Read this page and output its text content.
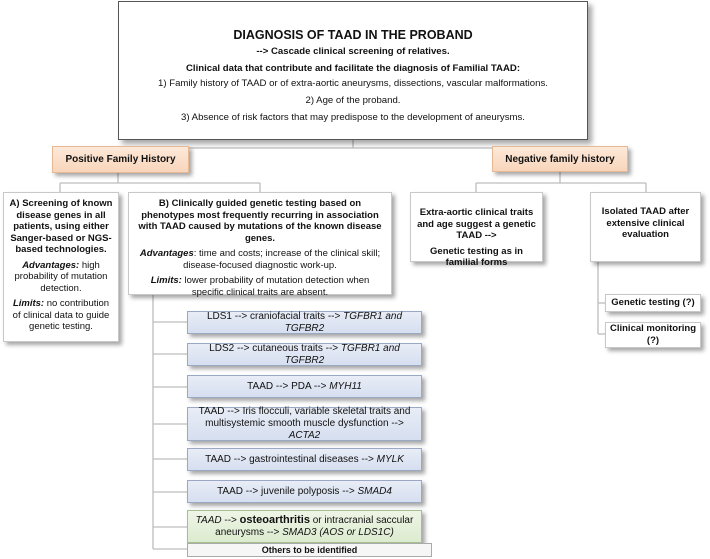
DIAGNOSIS OF TAAD IN THE PROBAND
--> Cascade clinical screening of relatives.
Clinical data that contribute and facilitate the diagnosis of Familial TAAD:
1) Family history of TAAD or of extra-aortic aneurysms, dissections, vascular malformations.
2) Age of the proband.
3) Absence of risk factors that may predispose to the development of aneurysms.
Positive Family History	Negative family history

A) Screening of known disease genes in all patients, using either Sanger-based or NGS-based technologies.

Advantages: high probability of mutation detection.

Limits: no contribution of clinical data to guide genetic testing.

B) Clinically guided genetic testing based on phenotypes most frequently recurring in association with TAAD caused by mutations of the known disease genes.

Advantages: time and costs; increase of the clinical skill; disease-focused diagnostic work-up.

Limits: lower probability of mutation detection when specific clinical traits are absent.

Extra-aortic clinical traits and age suggest a genetic TAAD -->

Genetic testing as in familial forms

Isolated TAAD after extensive clinical evaluation

Genetic testing (?)
Clinical monitoring (?)
LDS1 --> craniofacial traits --> TGFBR1 and TGFBR2
LDS2 --> cutaneous traits --> TGFBR1 and TGFBR2
TAAD --> PDA --> MYH11
TAAD --> Iris flocculi, variable skeletal traits and multisystemic smooth muscle dysfunction --> ACTA2
TAAD --> gastrointestinal diseases --> MYLK
TAAD --> juvenile polyposis --> SMAD4
TAAD --> osteoarthritis or intracranial saccular aneurysms --> SMAD3 (AOS or LDS1C)
Others to be identified
